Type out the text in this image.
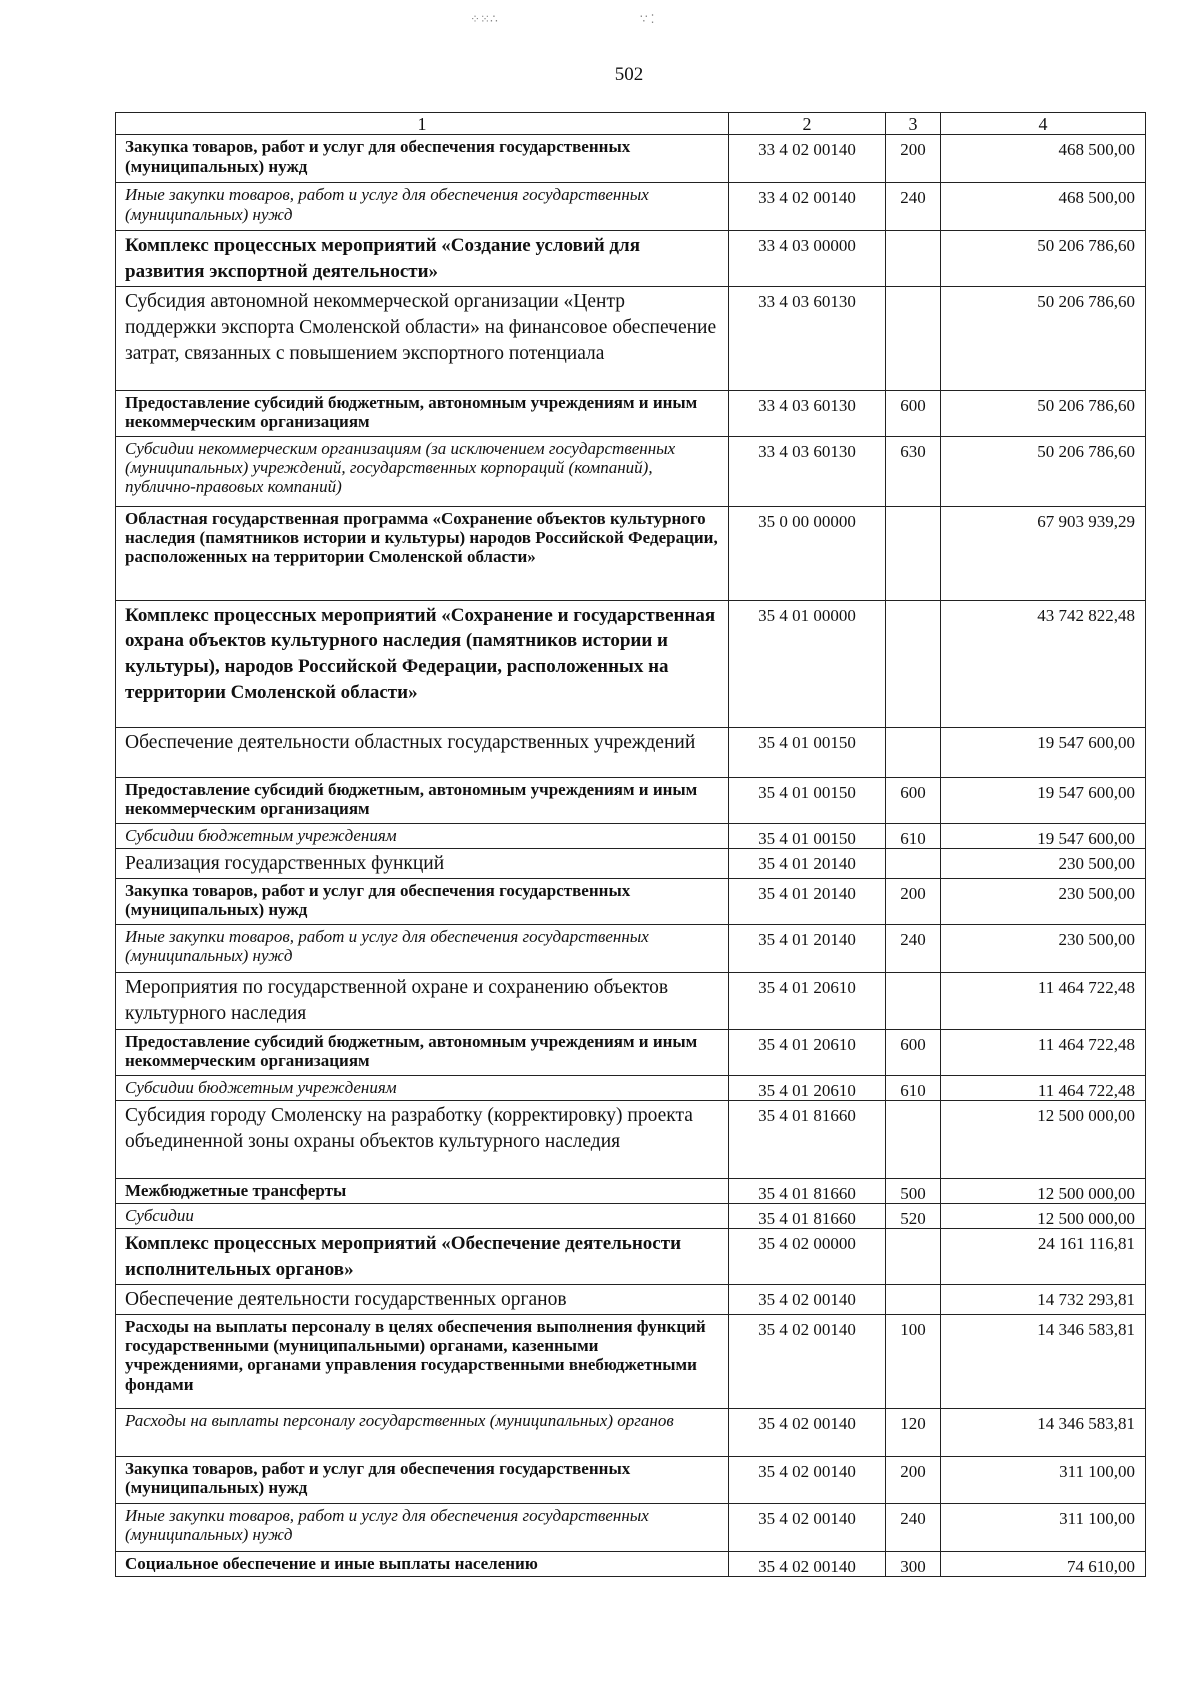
502
1	2	3	4
Закупка товаров, работ и услуг для обеспечения государственных (муниципальных) нужд	33 4 02 00140	200	468 500,00
Иные закупки товаров, работ и услуг для обеспечения государственных (муниципальных) нужд	33 4 02 00140	240	468 500,00
Комплекс процессных мероприятий «Создание условий для развития экспортной деятельности»	33 4 03 00000		50 206 786,60
Субсидия автономной некоммерческой организации «Центр поддержки экспорта Смоленской области» на финансовое обеспечение затрат, связанных с повышением экспортного потенциала	33 4 03 60130		50 206 786,60
Предоставление субсидий бюджетным, автономным учреждениям и иным некоммерческим организациям	33 4 03 60130	600	50 206 786,60
Субсидии некоммерческим организациям (за исключением государственных (муниципальных) учреждений, государственных корпораций (компаний), публично-правовых компаний)	33 4 03 60130	630	50 206 786,60
Областная государственная программа «Сохранение объектов культурного наследия (памятников истории и культуры) народов Российской Федерации, расположенных на территории Смоленской области»	35 0 00 00000		67 903 939,29
Комплекс процессных мероприятий «Сохранение и государственная охрана объектов культурного наследия (памятников истории и культуры), народов Российской Федерации, расположенных на территории Смоленской области»	35 4 01 00000		43 742 822,48
Обеспечение деятельности областных государственных учреждений	35 4 01 00150		19 547 600,00
Предоставление субсидий бюджетным, автономным учреждениям и иным некоммерческим организациям	35 4 01 00150	600	19 547 600,00
Субсидии бюджетным учреждениям	35 4 01 00150	610	19 547 600,00
Реализация государственных функций	35 4 01 20140		230 500,00
Закупка товаров, работ и услуг для обеспечения государственных (муниципальных) нужд	35 4 01 20140	200	230 500,00
Иные закупки товаров, работ и услуг для обеспечения государственных (муниципальных) нужд	35 4 01 20140	240	230 500,00
Мероприятия по государственной охране и сохранению объектов культурного наследия	35 4 01 20610		11 464 722,48
Предоставление субсидий бюджетным, автономным учреждениям и иным некоммерческим организациям	35 4 01 20610	600	11 464 722,48
Субсидии бюджетным учреждениям	35 4 01 20610	610	11 464 722,48
Субсидия городу Смоленску на разработку (корректировку) проекта объединенной зоны охраны объектов культурного наследия	35 4 01 81660		12 500 000,00
Межбюджетные трансферты	35 4 01 81660	500	12 500 000,00
Субсидии	35 4 01 81660	520	12 500 000,00
Комплекс процессных мероприятий «Обеспечение деятельности исполнительных органов»	35 4 02 00000		24 161 116,81
Обеспечение деятельности государственных органов	35 4 02 00140		14 732 293,81
Расходы на выплаты персоналу в целях обеспечения выполнения функций государственными (муниципальными) органами, казенными учреждениями, органами управления государственными внебюджетными фондами	35 4 02 00140	100	14 346 583,81
Расходы на выплаты персоналу государственных (муниципальных) органов	35 4 02 00140	120	14 346 583,81
Закупка товаров, работ и услуг для обеспечения государственных (муниципальных) нужд	35 4 02 00140	200	311 100,00
Иные закупки товаров, работ и услуг для обеспечения государственных (муниципальных) нужд	35 4 02 00140	240	311 100,00
Социальное обеспечение и иные выплаты населению	35 4 02 00140	300	74 610,00
⁘⁙∴	∵ ⁚
